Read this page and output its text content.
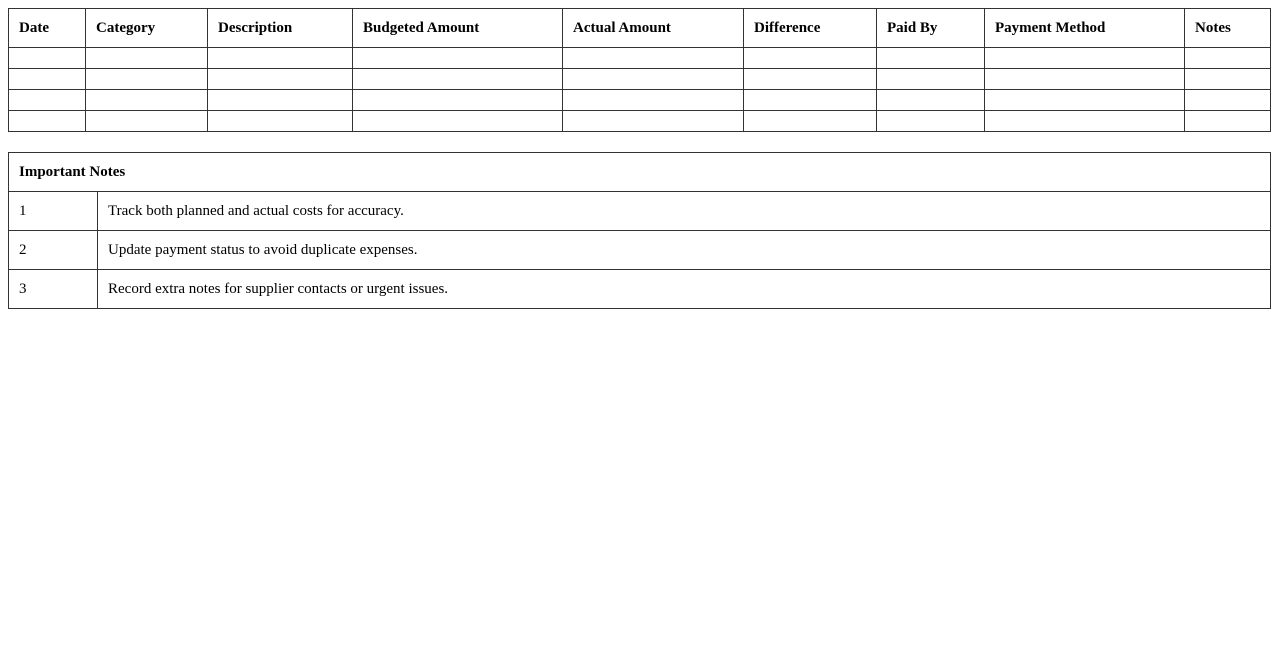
Date	Category	Description	Budgeted Amount	Actual Amount	Difference	Paid By	Payment Method	Notes

Important Notes	
1	Track both planned and actual costs for accuracy.
2	Update payment status to avoid duplicate expenses.
3	Record extra notes for supplier contacts or urgent issues.
